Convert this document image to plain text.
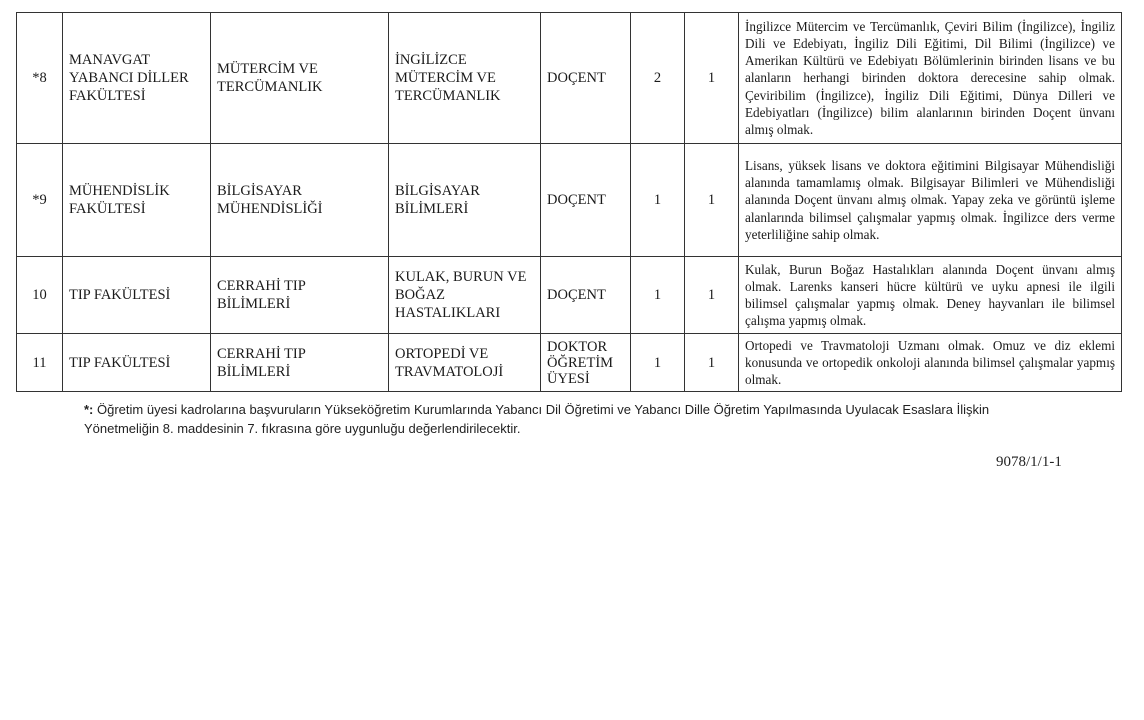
*8	MANAVGAT YABANCI DİLLER FAKÜLTESİ	MÜTERCİM VE TERCÜMANLIK	İNGİLİZCE MÜTERCİM VE TERCÜMANLIK	DOÇENT	2	1	İngilizce Mütercim ve Tercümanlık, Çeviri Bilim (İngilizce), İngiliz Dili ve Edebiyatı, İngiliz Dili Eğitimi, Dil Bilimi (İngilizce) ve Amerikan Kültürü ve Edebiyatı Bölümlerinin birinden lisans ve bu alanların herhangi birinden doktora derecesine sahip olmak. Çeviribilim (İngilizce), İngiliz Dili Eğitimi, Dünya Dilleri ve Edebiyatları (İngilizce) bilim alanlarının birinden Doçent ünvanı almış olmak.
*9	MÜHENDİSLİK FAKÜLTESİ	BİLGİSAYAR MÜHENDİSLİĞİ	BİLGİSAYAR BİLİMLERİ	DOÇENT	1	1	Lisans, yüksek lisans ve doktora eğitimini Bilgisayar Mühendisliği alanında tamamlamış olmak. Bilgisayar Bilimleri ve Mühendisliği alanında Doçent ünvanı almış olmak. Yapay zeka ve görüntü işleme alanlarında bilimsel çalışmalar yapmış olmak. İngilizce ders verme yeterliliğine sahip olmak.
10	TIP FAKÜLTESİ	CERRAHİ TIP BİLİMLERİ	KULAK, BURUN VE BOĞAZ HASTALIKLARI	DOÇENT	1	1	Kulak, Burun Boğaz Hastalıkları alanında Doçent ünvanı almış olmak. Larenks kanseri hücre kültürü ve uyku apnesi ile ilgili bilimsel çalışmalar yapmış olmak. Deney hayvanları ile bilimsel çalışma yapmış olmak.
11	TIP FAKÜLTESİ	CERRAHİ TIP BİLİMLERİ	ORTOPEDİ VE TRAVMATOLOJİ	DOKTOR ÖĞRETİM ÜYESİ	1	1	Ortopedi ve Travmatoloji Uzmanı olmak. Omuz ve diz eklemi konusunda ve ortopedik onkoloji alanında bilimsel çalışmalar yapmış olmak.
*: Öğretim üyesi kadrolarına başvuruların Yükseköğretim Kurumlarında Yabancı Dil Öğretimi ve Yabancı Dille Öğretim Yapılmasında Uyulacak Esaslara İlişkin Yönetmeliğin 8. maddesinin 7. fıkrasına göre uygunluğu değerlendirilecektir.
9078/1/1-1
